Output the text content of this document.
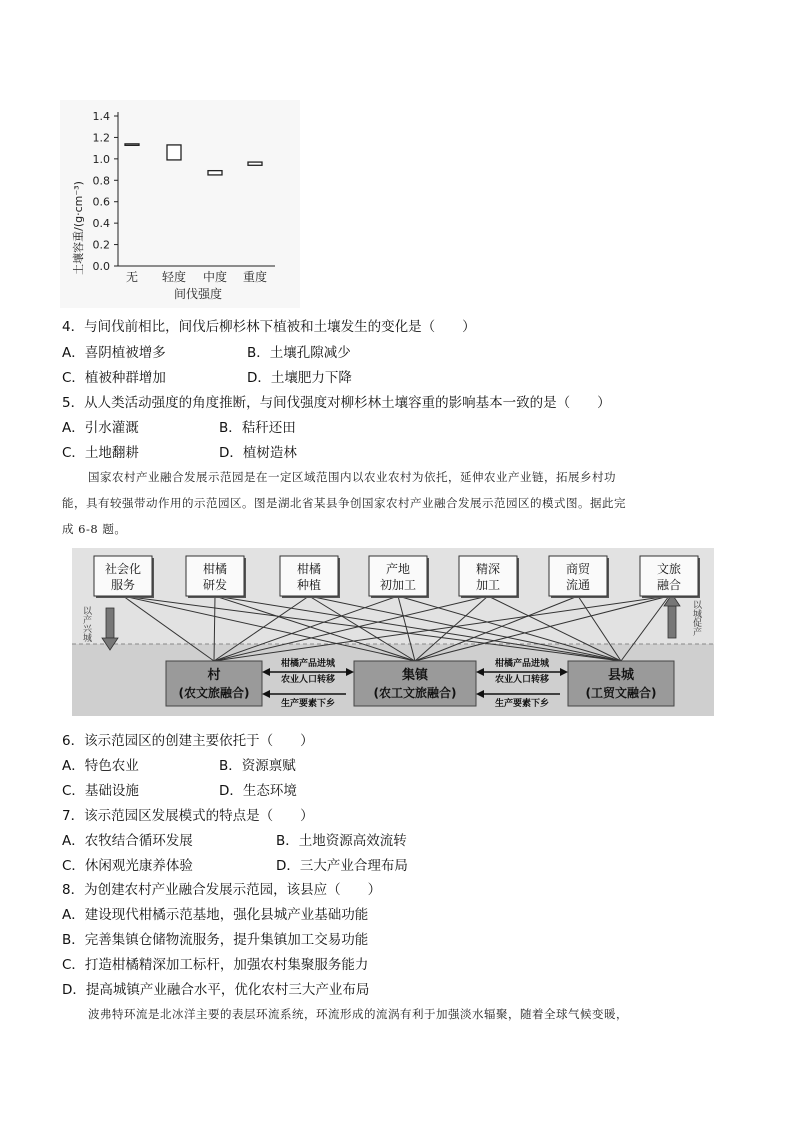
土壤容重/(g·cm⁻³)
1.4
1.2
1.0
0.8
0.6
0.4
0.2
0.0
无 轻度 中度 重度
间伐强度
4．与间伐前相比，间伐后柳杉林下植被和土壤发生的变化是（　　）
A．喜阴植被增多	B．土壤孔隙减少
C．植被种群增加	D．土壤肥力下降
5．从人类活动强度的角度推断，与间伐强度对柳杉林土壤容重的影响基本一致的是（　　）
A．引水灌溉	B．秸秆还田
C．土地翻耕	D．植树造林
国家农村产业融合发展示范园是在一定区域范围内以农业农村为依托，延伸农业产业链，拓展乡村功
能，具有较强带动作用的示范园区。图是湖北省某县争创国家农村产业融合发展示范园区的模式图。据此完
成 6-8 题。
以产兴城	以城促产
社会化
服务
柑橘
研发
柑橘
种植
产地
初加工
精深
加工
商贸
流通
文旅
融合
村
(农文旅融合)
集镇
(农工文旅融合)
县城
(工贸文融合)
柑橘产品进城
农业人口转移
生产要素下乡
柑橘产品进城
农业人口转移
生产要素下乡
6．该示范园区的创建主要依托于（　　）
A．特色农业	B．资源禀赋
C．基础设施	D．生态环境
7．该示范园区发展模式的特点是（　　）
A．农牧结合循环发展	B．土地资源高效流转
C．休闲观光康养体验	D．三大产业合理布局
8．为创建农村产业融合发展示范园，该县应（　　）
A．建设现代柑橘示范基地，强化县城产业基础功能
B．完善集镇仓储物流服务，提升集镇加工交易功能
C．打造柑橘精深加工标杆，加强农村集聚服务能力
D．提高城镇产业融合水平，优化农村三大产业布局
波弗特环流是北冰洋主要的表层环流系统，环流形成的流涡有利于加强淡水辐聚，随着全球气候变暖，
